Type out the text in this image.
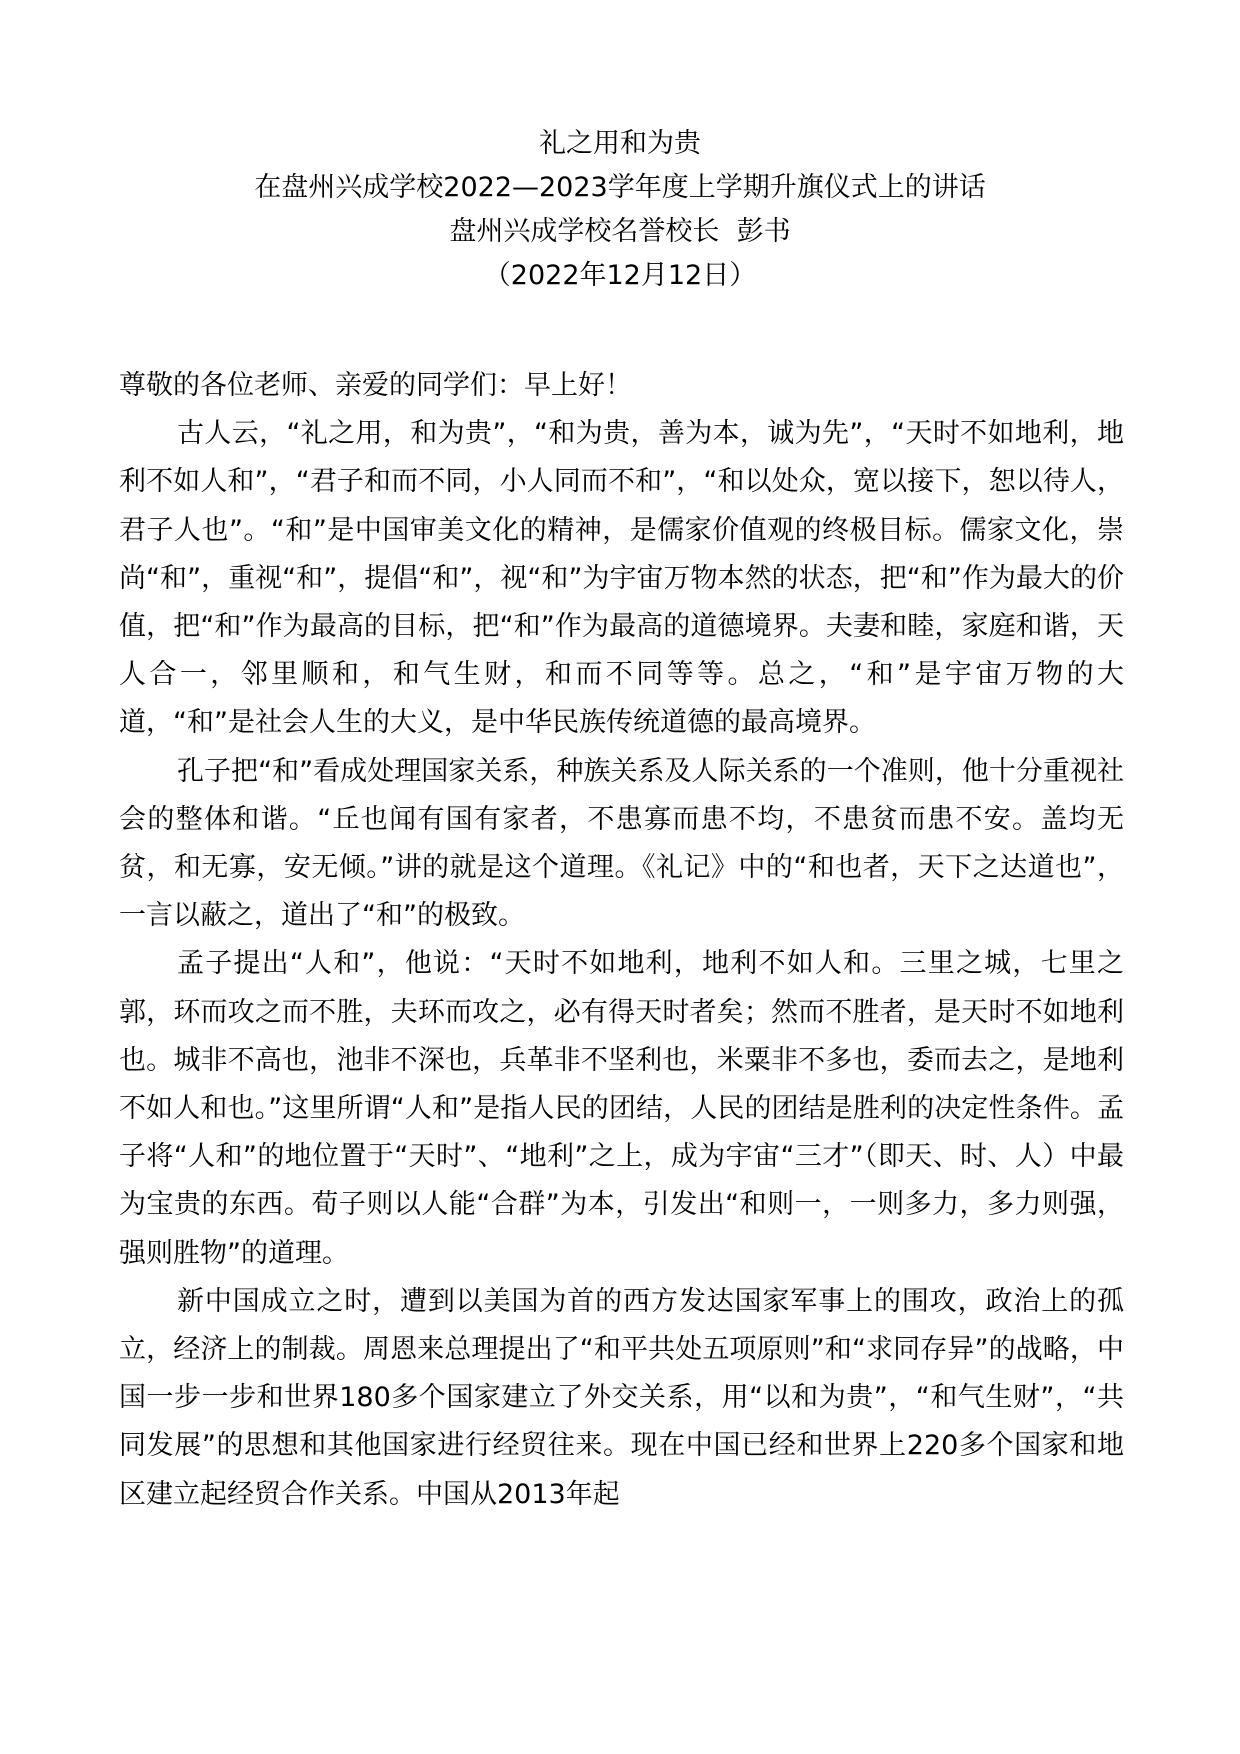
礼之用和为贵
在盘州兴成学校2022—2023学年度上学期升旗仪式上的讲话
盘州兴成学校名誉校长  彭书
（2022年12月12日）

尊敬的各位老师、亲爱的同学们：早上好！

古人云，“礼之用，和为贵”，“和为贵，善为本，诚为先”，“天时不如地利，地利不如人和”，“君子和而不同，小人同而不和”，“和以处众，宽以接下，恕以待人，君子人也”。“和”是中国审美文化的精神，是儒家价值观的终极目标。儒家文化，崇尚“和”，重视“和”，提倡“和”，视“和”为宇宙万物本然的状态，把“和”作为最大的价值，把“和”作为最高的目标，把“和”作为最高的道德境界。夫妻和睦，家庭和谐，天人合一，邻里顺和，和气生财，和而不同等等。总之，“和”是宇宙万物的大道，“和”是社会人生的大义，是中华民族传统道德的最高境界。

孔子把“和”看成处理国家关系，种族关系及人际关系的一个准则，他十分重视社会的整体和谐。“丘也闻有国有家者，不患寡而患不均，不患贫而患不安。盖均无贫，和无寡，安无倾。”讲的就是这个道理。《礼记》中的“和也者，天下之达道也”，一言以蔽之，道出了“和”的极致。

孟子提出“人和”，他说：“天时不如地利，地利不如人和。三里之城，七里之郭，环而攻之而不胜，夫环而攻之，必有得天时者矣；然而不胜者，是天时不如地利也。城非不高也，池非不深也，兵革非不坚利也，米粟非不多也，委而去之，是地利不如人和也。”这里所谓“人和”是指人民的团结，人民的团结是胜利的决定性条件。孟子将“人和”的地位置于“天时”、“地利”之上，成为宇宙“三才”（即天、时、人）中最为宝贵的东西。荀子则以人能“合群”为本，引发出“和则一，一则多力，多力则强，强则胜物”的道理。

新中国成立之时，遭到以美国为首的西方发达国家军事上的围攻，政治上的孤立，经济上的制裁。周恩来总理提出了“和平共处五项原则”和“求同存异”的战略，中国一步一步和世界180多个国家建立了外交关系，用“以和为贵”，“和气生财”，“共同发展”的思想和其他国家进行经贸往来。现在中国已经和世界上220多个国家和地区建立起经贸合作关系。中国从2013年起
